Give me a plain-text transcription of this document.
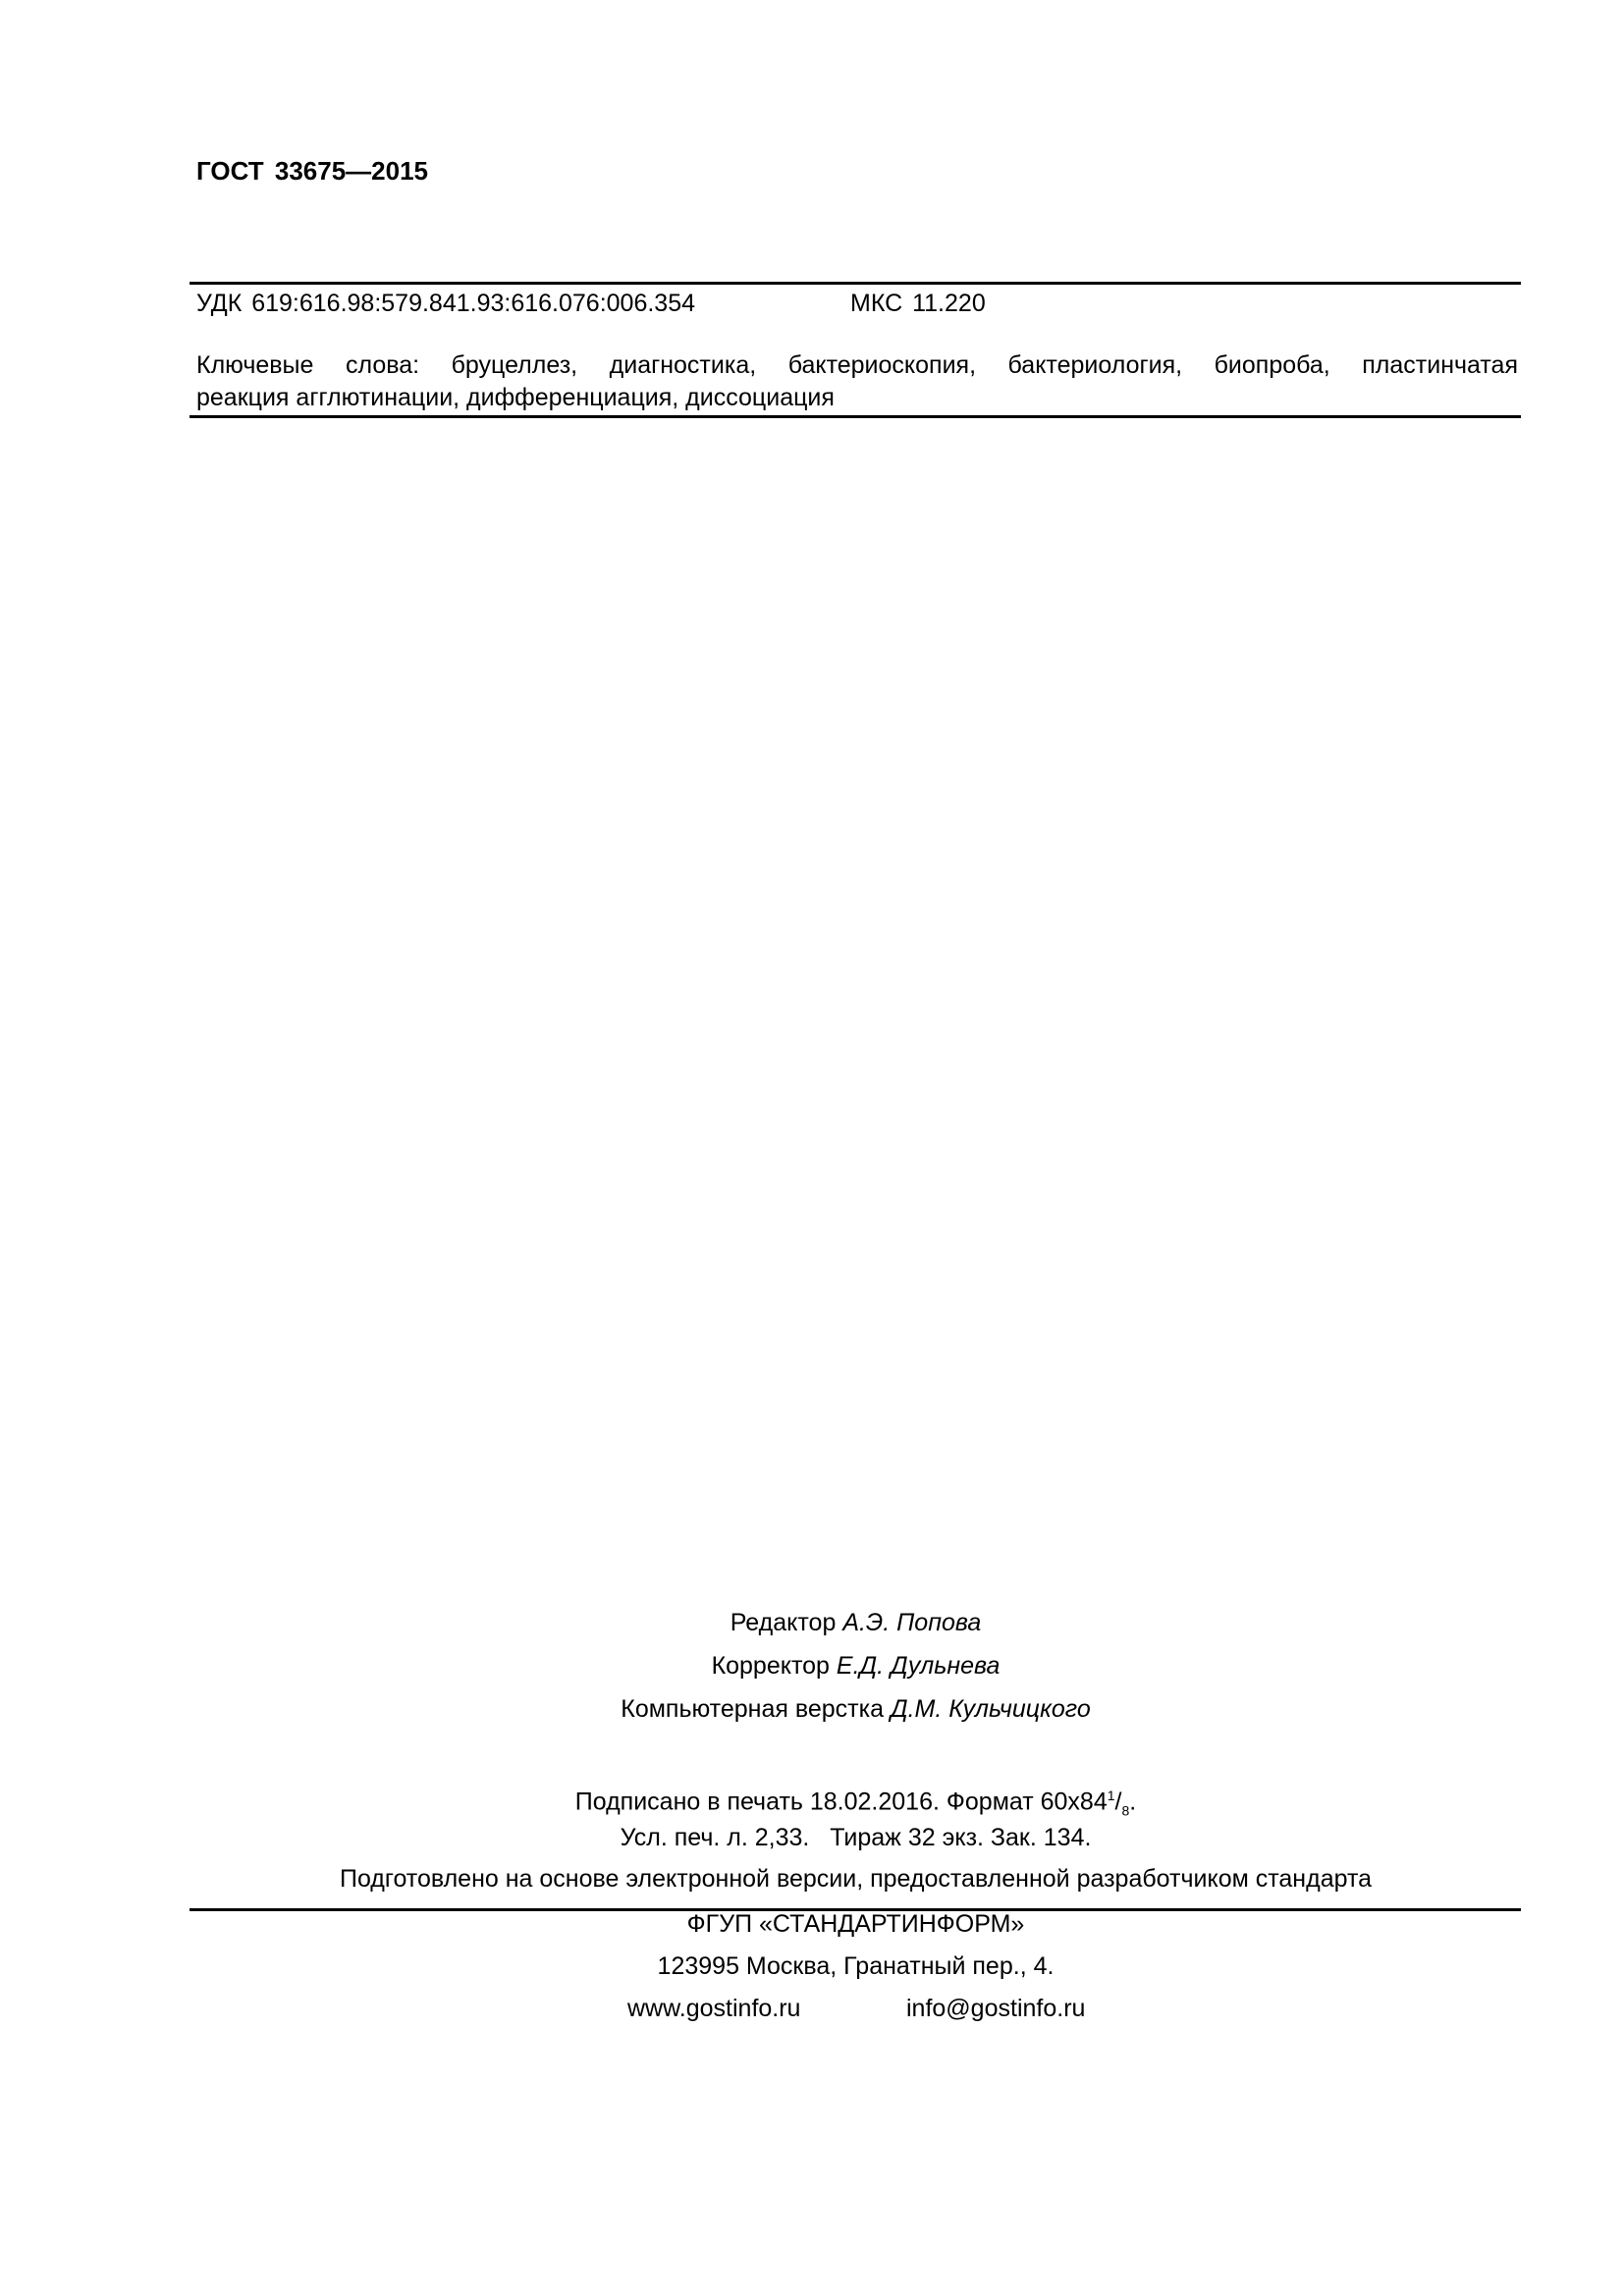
ГОСТ 33675—2015
УДК 619:616.98:579.841.93:616.076:006.354	МКС 11.220
Ключевые слова: бруцеллез, диагностика, бактериоскопия, бактериология, биопроба, пластинчатая
реакция агглютинации, дифференциация, диссоциация
Редактор А.Э. Попова
Корректор Е.Д. Дульнева
Компьютерная верстка Д.М. Кульчицкого
Подписано в печать 18.02.2016. Формат $60x84^1/_8$.
Усл. печ. л. 2,33. Тираж 32 экз. Зак. 134.
Подготовлено на основе электронной версии, предоставленной разработчиком стандарта
ФГУП «СТАНДАРТИНФОРМ»
123995 Москва, Гранатный пер., 4.
www.gostinfo.ru	info@gostinfo.ru
